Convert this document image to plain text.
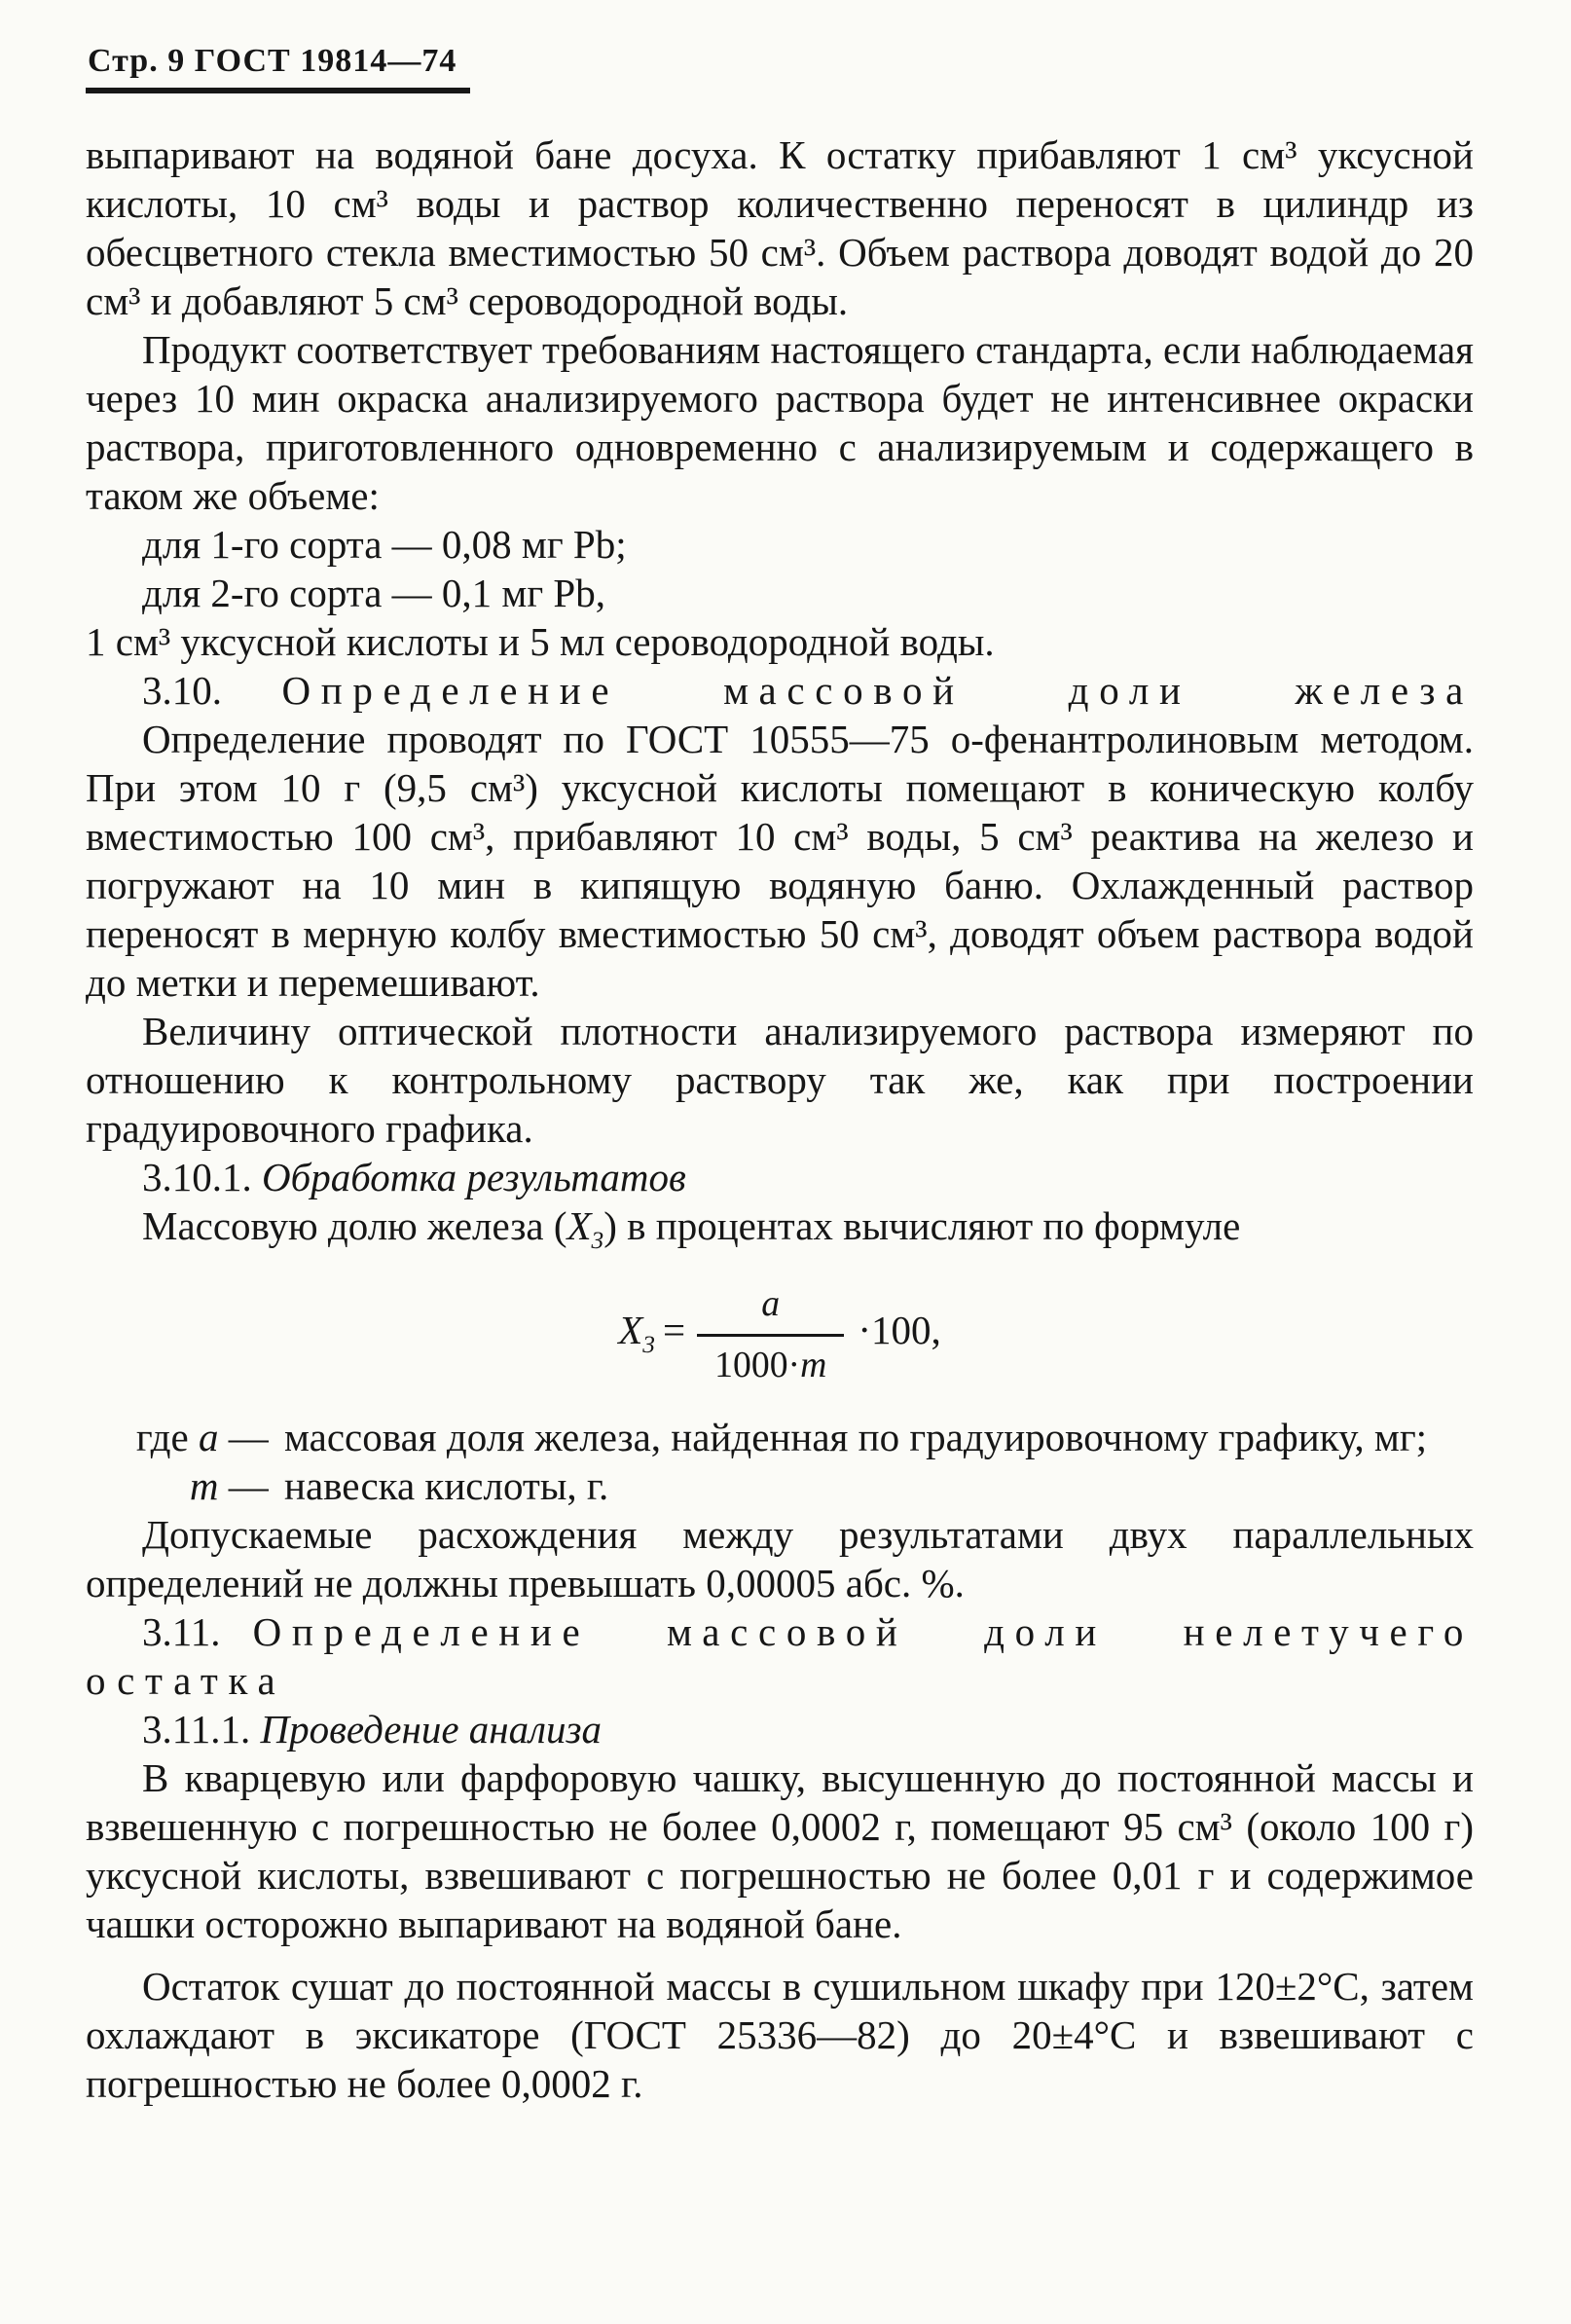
Стр. 9 ГОСТ 19814—74

выпаривают на водяной бане досуха. К остатку прибавляют 1 см³ уксусной кислоты, 10 см³ воды и раствор количественно переносят в цилиндр из обесцветного стекла вместимостью 50 см³. Объем раствора доводят водой до 20 см³ и добавляют 5 см³ сероводородной воды.

Продукт соответствует требованиям настоящего стандарта, если наблюдаемая через 10 мин окраска анализируемого раствора будет не интенсивнее окраски раствора, приготовленного одновременно с анализируемым и содержащего в таком же объеме:

для 1-го сорта — 0,08 мг Pb;

для 2-го сорта — 0,1 мг Pb,

1 см³ уксусной кислоты и 5 мл сероводородной воды.

3.10. Определение массовой доли железа

Определение проводят по ГОСТ 10555—75 о-фенантролиновым методом. При этом 10 г (9,5 см³) уксусной кислоты помещают в коническую колбу вместимостью 100 см³, прибавляют 10 см³ воды, 5 см³ реактива на железо и погружают на 10 мин в кипящую водяную баню. Охлажденный раствор переносят в мерную колбу вместимостью 50 см³, доводят объем раствора водой до метки и перемешивают.

Величину оптической плотности анализируемого раствора измеряют по отношению к контрольному раствору так же, как при построении градуировочного графика.

3.10.1. Обработка результатов

Массовую долю железа $(X_3)$ в процентах вычисляют по формуле

$X_3 = \frac{a}{1000\cdot m} \cdot 100$,
где a — массовая доля железа, найденная по градуировочному графику, мг;
m — навеска кислоты, г.

Допускаемые расхождения между результатами двух параллельных определений не должны превышать 0,00005 абс. %.

3.11. Определение массовой доли нелетучего остатка

3.11.1. Проведение анализа

В кварцевую или фарфоровую чашку, высушенную до постоянной массы и взвешенную с погрешностью не более 0,0002 г, помещают 95 см³ (около 100 г) уксусной кислоты, взвешивают с погрешностью не более 0,01 г и содержимое чашки осторожно выпаривают на водяной бане.

Остаток сушат до постоянной массы в сушильном шкафу при 120±2°С, затем охлаждают в эксикаторе (ГОСТ 25336—82) до 20±4°С и взвешивают с погрешностью не более 0,0002 г.
